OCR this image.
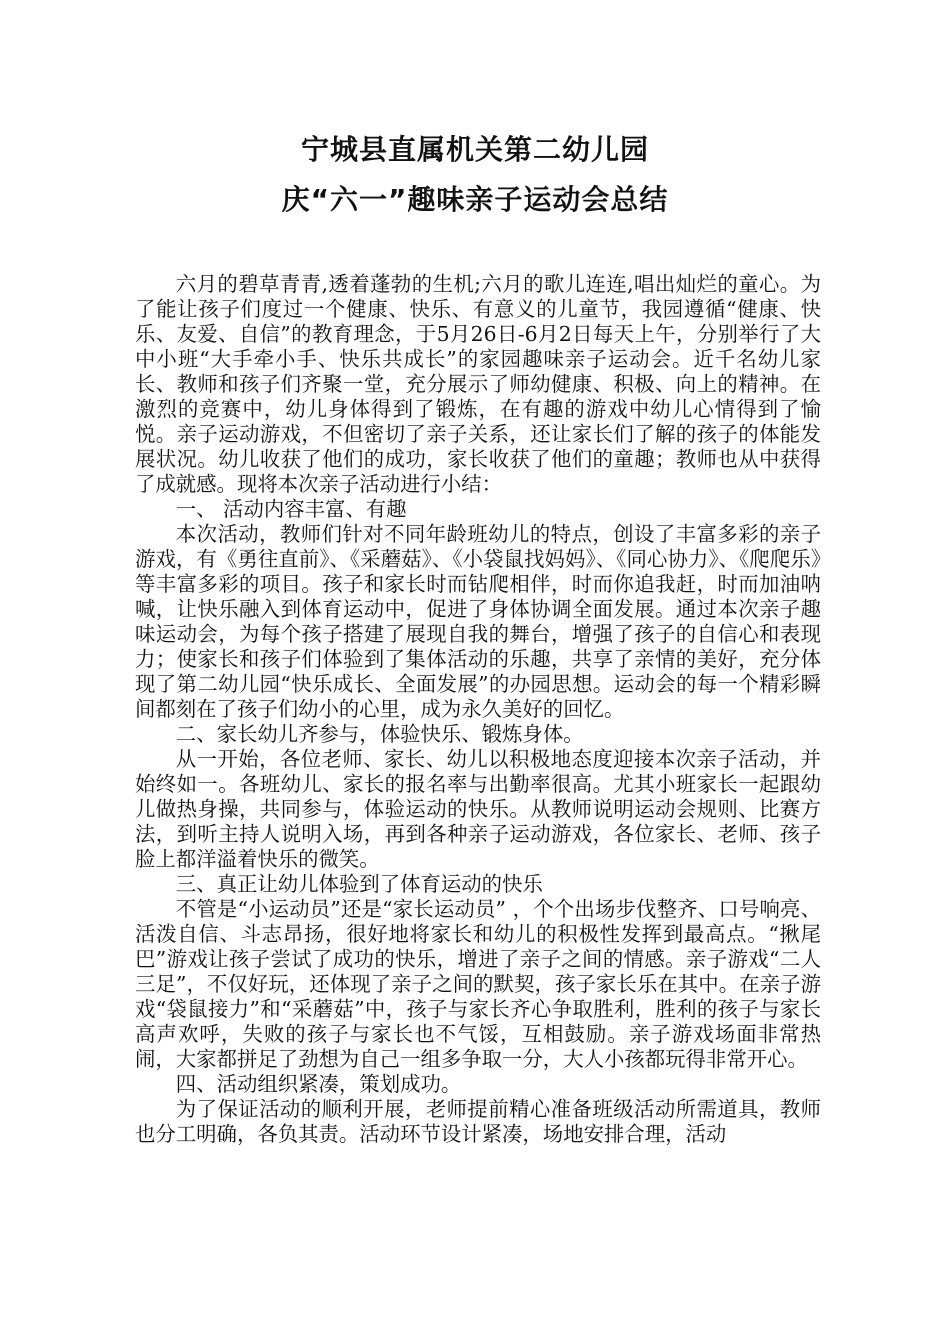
宁城县直属机关第二幼儿园
庆“六一”趣味亲子运动会总结

六月的碧草青青,透着蓬勃的生机;六月的歌儿连连,唱出灿烂的童心。为了能让孩子们度过一个健康、快乐、有意义的儿童节，我园遵循“健康、快乐、友爱、自信”的教育理念，于5月26日-6月2日每天上午，分别举行了大中小班“大手牵小手、快乐共成长”的家园趣味亲子运动会。近千名幼儿家长、教师和孩子们齐聚一堂，充分展示了师幼健康、积极、向上的精神。在激烈的竞赛中，幼儿身体得到了锻炼，在有趣的游戏中幼儿心情得到了愉悦。亲子运动游戏，不但密切了亲子关系，还让家长们了解的孩子的体能发展状况。幼儿收获了他们的成功，家长收获了他们的童趣；教师也从中获得了成就感。现将本次亲子活动进行小结：

一、 活动内容丰富、有趣

本次活动，教师们针对不同年龄班幼儿的特点，创设了丰富多彩的亲子游戏，有《勇往直前》、《采蘑菇》、《小袋鼠找妈妈》、《同心协力》、《爬爬乐》等丰富多彩的项目。孩子和家长时而钻爬相伴，时而你追我赶，时而加油呐喊，让快乐融入到体育运动中，促进了身体协调全面发展。通过本次亲子趣味运动会，为每个孩子搭建了展现自我的舞台，增强了孩子的自信心和表现力；使家长和孩子们体验到了集体活动的乐趣，共享了亲情的美好，充分体现了第二幼儿园“快乐成长、全面发展”的办园思想。运动会的每一个精彩瞬间都刻在了孩子们幼小的心里，成为永久美好的回忆。

二、家长幼儿齐参与，体验快乐、锻炼身体。

从一开始，各位老师、家长、幼儿以积极地态度迎接本次亲子活动，并始终如一。各班幼儿、家长的报名率与出勤率很高。尤其小班家长一起跟幼儿做热身操，共同参与，体验运动的快乐。从教师说明运动会规则、比赛方法，到听主持人说明入场，再到各种亲子运动游戏，各位家长、老师、孩子脸上都洋溢着快乐的微笑。

三、真正让幼儿体验到了体育运动的快乐

不管是“小运动员”还是“家长运动员” ，个个出场步伐整齐、口号响亮、活泼自信、斗志昂扬，很好地将家长和幼儿的积极性发挥到最高点。“揪尾巴”游戏让孩子尝试了成功的快乐，增进了亲子之间的情感。亲子游戏“二人三足”，不仅好玩，还体现了亲子之间的默契，孩子家长乐在其中。在亲子游戏“袋鼠接力”和“采蘑菇”中，孩子与家长齐心争取胜利，胜利的孩子与家长高声欢呼，失败的孩子与家长也不气馁，互相鼓励。亲子游戏场面非常热闹，大家都拼足了劲想为自己一组多争取一分，大人小孩都玩得非常开心。

四、活动组织紧凑，策划成功。

为了保证活动的顺利开展，老师提前精心准备班级活动所需道具，教师也分工明确，各负其责。活动环节设计紧凑，场地安排合理，活动
